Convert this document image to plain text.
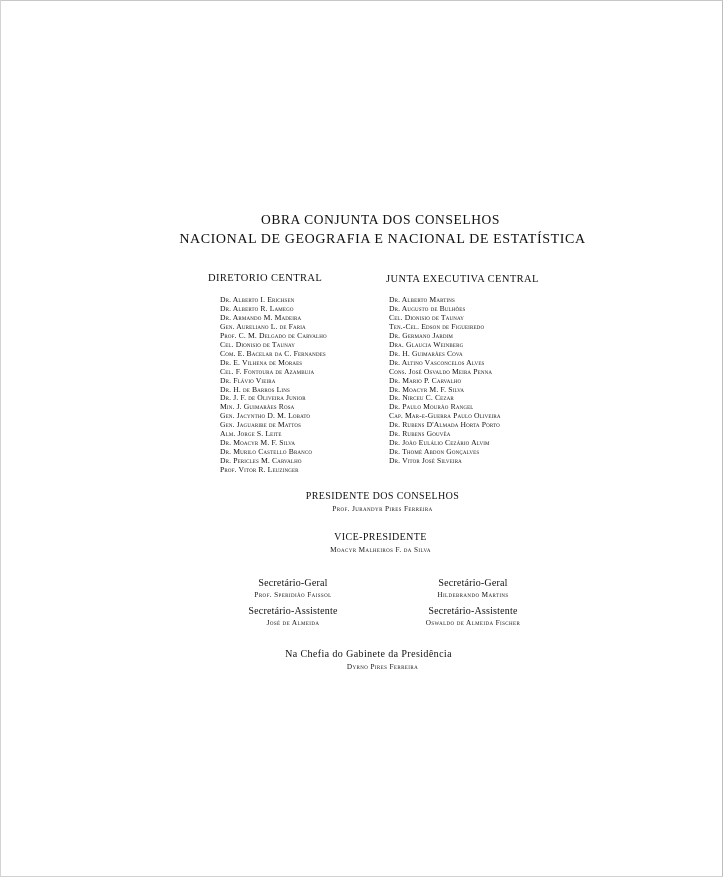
OBRA CONJUNTA DOS CONSELHOS
NACIONAL DE GEOGRAFIA E NACIONAL DE ESTATÍSTICA
DIRETORIO CENTRAL	JUNTA EXECUTIVA CENTRAL
Dr. Alberto I. Erichsen
Dr. Alberto R. Lamego
Dr. Armando M. Madeira
Gen. Aureliano L. de Faria
Prof. C. M. Delgado de Carvalho
Cel. Dionisio de Taunay
Com. E. Bacelar da C. Fernandes
Dr. E. Vilhena de Moraes
Cel. F. Fontoura de Azambuja
Dr. Flávio Vieira
Dr. H. de Barros Lins
Dr. J. F. de Oliveira Junior
Min. J. Guimarães Rosa
Gen. Jacyntho D. M. Lobato
Gen. Jaguaribe de Mattos
Alm. Jorge S. Leite
Dr. Moacyr M. F. Silva
Dr. Murilo Castello Branco
Dr. Pericles M. Carvalho
Prof. Vitor R. Leuzinger
Dr. Alberto Martins
Dr. Augusto de Bulhões
Cel. Dionisio de Taunay
Ten.-Cel. Edson de Figueiredo
Dr. Germano Jardim
Dra. Glaucia Weinberg
Dr. H. Guimarães Cova
Dr. Altino Vasconcelos Alves
Cons. José Osvaldo Meira Penna
Dr. Mario P. Carvalho
Dr. Moacyr M. F. Silva
Dr. Nirceu C. Cezar
Dr. Paulo Mourão Rangel
Cap. Mar-e-Guerra Paulo Oliveira
Dr. Rubens D'Almada Horta Porto
Dr. Rubens Gouvêa
Dr. João Eulálio Cezário Alvim
Dr. Thomé Abdon Gonçalves
Dr. Vitor José Silveira
PRESIDENTE DOS CONSELHOS
Prof. Jurandyr Pires Ferreira
VICE-PRESIDENTE
Moacyr Malheiros F. da Silva
Secretário-Geral
Prof. Speridião Faissol
Secretário-Geral
Hildebrando Martins
Secretário-Assistente
José de Almeida
Secretário-Assistente
Oswaldo de Almeida Fischer
Na Chefia do Gabinete da Presidência
Dyrno Pires Ferreira
